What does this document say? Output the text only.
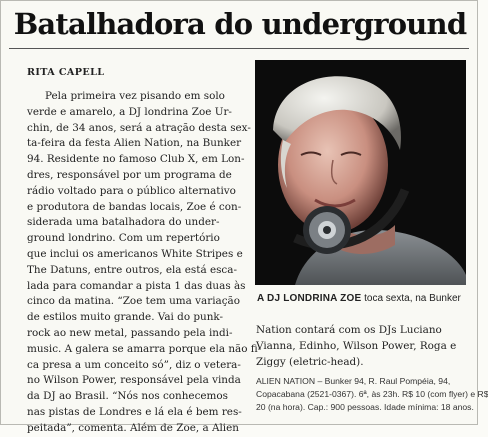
Batalhadora do underground
RITA CAPELL
Pela primeira vez pisando em solo
verde e amarelo, a DJ londrina Zoe Ur-
chin, de 34 anos, será a atração desta sex-
ta-feira da festa Alien Nation, na Bunker
94. Residente no famoso Club X, em Lon-
dres, responsável por um programa de
rádio voltado para o público alternativo
e produtora de bandas locais, Zoe é con-
siderada uma batalhadora do under-
ground londrino. Com um repertório
que inclui os americanos White Stripes e
The Datuns, entre outros, ela está esca-
lada para comandar a pista 1 das duas às
cinco da matina. “Zoe tem uma variação
de estilos muito grande. Vai do punk-
rock ao new metal, passando pela indi-
music. A galera se amarra porque ela não fi-
ca presa a um conceito só”, diz o vetera-
no Wilson Power, responsável pela vinda
da DJ ao Brasil. “Nós nos conhecemos
nas pistas de Londres e lá ela é bem res-
peitada”, comenta. Além de Zoe, a Alien
A DJ LONDRINA ZOE toca sexta, na Bunker
Nation contará com os DJs Luciano
Vianna, Edinho, Wilson Power, Roga e
Ziggy (eletric-head).
ALIEN NATION – Bunker 94, R. Raul Pompéia, 94,
Copacabana (2521-0367). 6ª, às 23h. R$ 10 (com flyer) e R$
20 (na hora). Cap.: 900 pessoas. Idade mínima: 18 anos.
